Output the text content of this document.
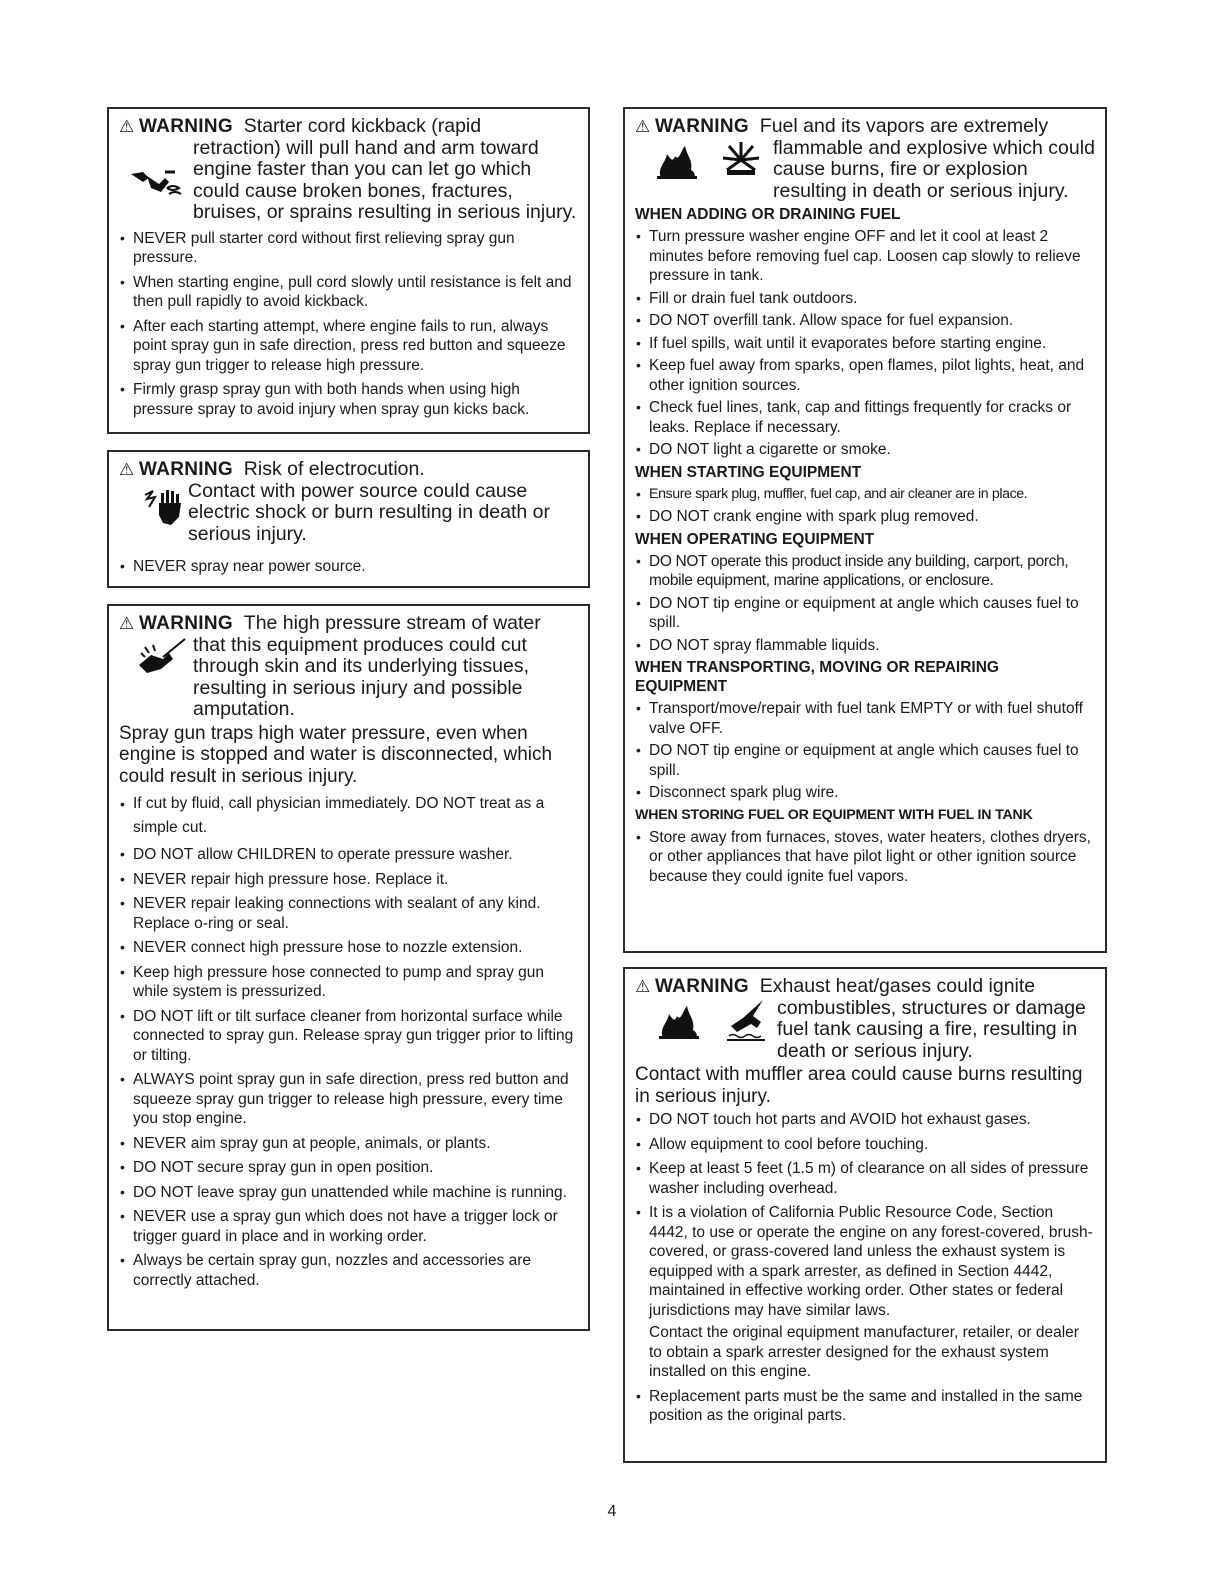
⚠ WARNING Starter cord kickback (rapid
retraction) will pull hand and arm toward
engine faster than you can let go which
could cause broken bones, fractures,
bruises, or sprains resulting in serious injury.
• NEVER pull starter cord without first relieving spray gun pressure.
• When starting engine, pull cord slowly until resistance is felt and then pull rapidly to avoid kickback.
• After each starting attempt, where engine fails to run, always point spray gun in safe direction, press red button and squeeze spray gun trigger to release high pressure.
• Firmly grasp spray gun with both hands when using high pressure spray to avoid injury when spray gun kicks back.
⚠ WARNING Risk of electrocution.
Contact with power source could cause
electric shock or burn resulting in death or
serious injury.
• NEVER spray near power source.
⚠ WARNING The high pressure stream of water
that this equipment produces could cut
through skin and its underlying tissues,
resulting in serious injury and possible
amputation.
Spray gun traps high water pressure, even when engine is stopped and water is disconnected, which could result in serious injury.
• If cut by fluid, call physician immediately. DO NOT treat as a simple cut.
• DO NOT allow CHILDREN to operate pressure washer.
• NEVER repair high pressure hose. Replace it.
• NEVER repair leaking connections with sealant of any kind. Replace o-ring or seal.
• NEVER connect high pressure hose to nozzle extension.
• Keep high pressure hose connected to pump and spray gun while system is pressurized.
• DO NOT lift or tilt surface cleaner from horizontal surface while connected to spray gun. Release spray gun trigger prior to lifting or tilting.
• ALWAYS point spray gun in safe direction, press red button and squeeze spray gun trigger to release high pressure, every time you stop engine.
• NEVER aim spray gun at people, animals, or plants.
• DO NOT secure spray gun in open position.
• DO NOT leave spray gun unattended while machine is running.
• NEVER use a spray gun which does not have a trigger lock or trigger guard in place and in working order.
• Always be certain spray gun, nozzles and accessories are correctly attached.
⚠ WARNING Fuel and its vapors are extremely
flammable and explosive which could
cause burns, fire or explosion
resulting in death or serious injury.
WHEN ADDING OR DRAINING FUEL
• Turn pressure washer engine OFF and let it cool at least 2 minutes before removing fuel cap. Loosen cap slowly to relieve pressure in tank.
• Fill or drain fuel tank outdoors.
• DO NOT overfill tank. Allow space for fuel expansion.
• If fuel spills, wait until it evaporates before starting engine.
• Keep fuel away from sparks, open flames, pilot lights, heat, and other ignition sources.
• Check fuel lines, tank, cap and fittings frequently for cracks or leaks. Replace if necessary.
• DO NOT light a cigarette or smoke.
WHEN STARTING EQUIPMENT
• Ensure spark plug, muffler, fuel cap, and air cleaner are in place.
• DO NOT crank engine with spark plug removed.
WHEN OPERATING EQUIPMENT
• DO NOT operate this product inside any building, carport, porch, mobile equipment, marine applications, or enclosure.
• DO NOT tip engine or equipment at angle which causes fuel to spill.
• DO NOT spray flammable liquids.
WHEN TRANSPORTING, MOVING OR REPAIRING EQUIPMENT
• Transport/move/repair with fuel tank EMPTY or with fuel shutoff valve OFF.
• DO NOT tip engine or equipment at angle which causes fuel to spill.
• Disconnect spark plug wire.
WHEN STORING FUEL OR EQUIPMENT WITH FUEL IN TANK
• Store away from furnaces, stoves, water heaters, clothes dryers, or other appliances that have pilot light or other ignition source because they could ignite fuel vapors.
⚠ WARNING Exhaust heat/gases could ignite
combustibles, structures or damage
fuel tank causing a fire, resulting in
death or serious injury.
Contact with muffler area could cause burns resulting in serious injury.
• DO NOT touch hot parts and AVOID hot exhaust gases.
• Allow equipment to cool before touching.
• Keep at least 5 feet (1.5 m) of clearance on all sides of pressure washer including overhead.
• It is a violation of California Public Resource Code, Section 4442, to use or operate the engine on any forest-covered, brush-covered, or grass-covered land unless the exhaust system is equipped with a spark arrester, as defined in Section 4442, maintained in effective working order. Other states or federal jurisdictions may have similar laws.
Contact the original equipment manufacturer, retailer, or dealer to obtain a spark arrester designed for the exhaust system installed on this engine.
• Replacement parts must be the same and installed in the same position as the original parts.
4
